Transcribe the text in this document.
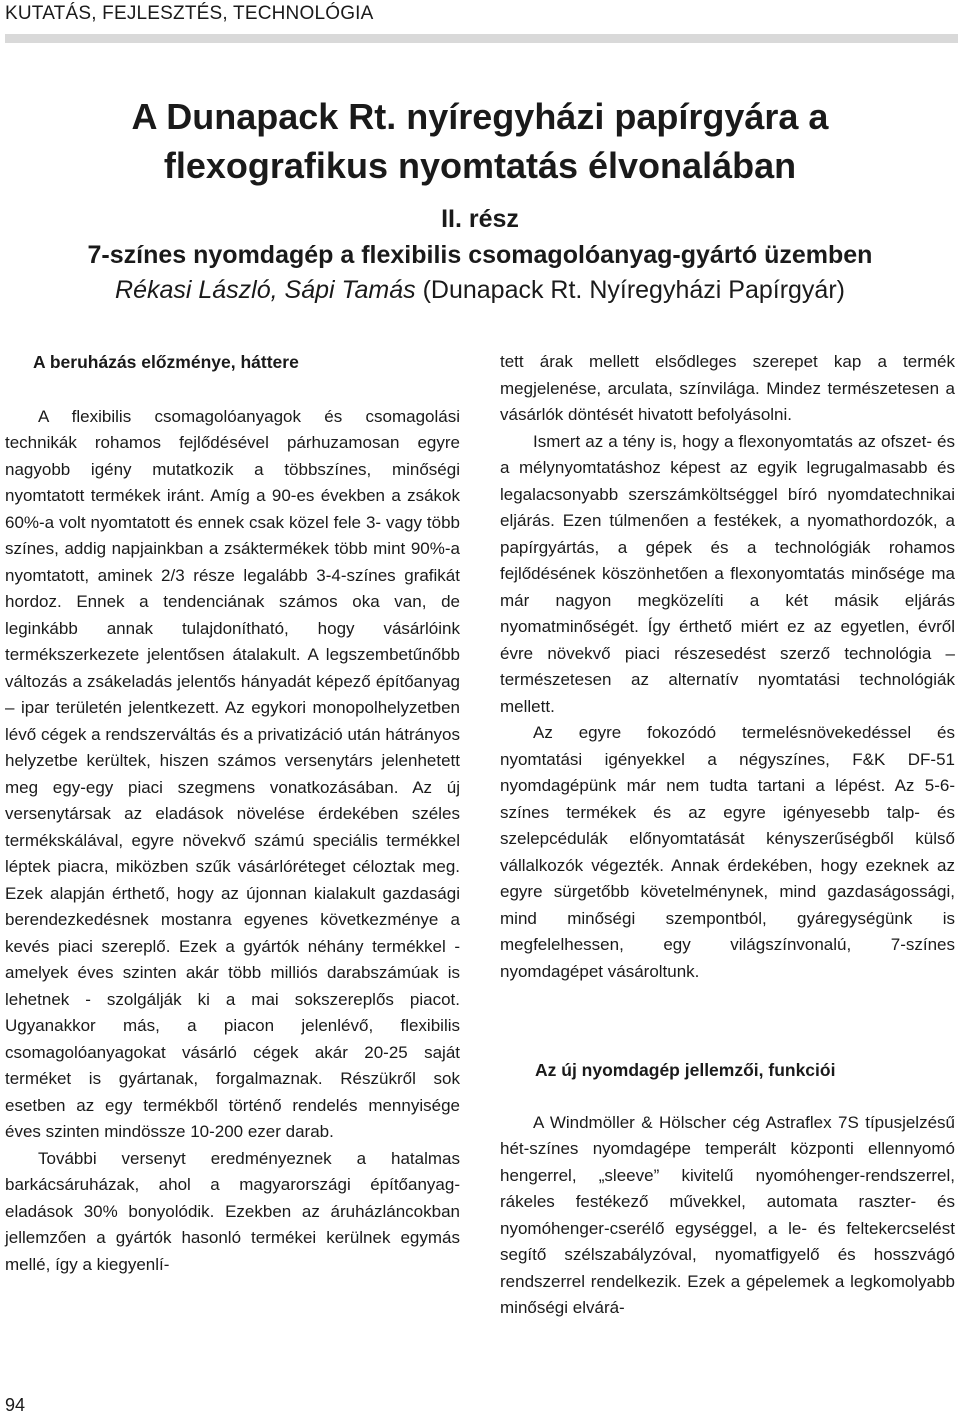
KUTATÁS, FEJLESZTÉS, TECHNOLÓGIA

A Dunapack Rt. nyíregyházi papírgyára a

flexografikus nyomtatás élvonalában

II. rész

7-színes nyomdagép a flexibilis csomagolóanyag-gyártó üzemben

Rékasi László, Sápi Tamás (Dunapack Rt. Nyíregyházi Papírgyár)

A beruházás előzménye, háttere

A flexibilis csomagolóanyagok és csomagolási technikák rohamos fejlődésével párhuzamosan egyre nagyobb igény mutatkozik a többszínes, minőségi nyomtatott termékek iránt. Amíg a 90-es években a zsákok 60%-a volt nyomtatott és ennek csak közel fele 3- vagy több színes, addig napjainkban a zsáktermékek több mint 90%-a nyomtatott, aminek 2/3 része legalább 3-4-színes grafikát hordoz. Ennek a tendenciának számos oka van, de leginkább annak tulajdonítható, hogy vásárlóink termékszerkezete jelentősen átalakult. A legszembetűnőbb változás a zsákeladás jelentős hányadát képező építőanyag – ipar területén jelentkezett. Az egykori monopolhelyzetben lévő cégek a rendszerváltás és a privatizáció után hátrányos helyzetbe kerültek, hiszen számos versenytárs jelenhetett meg egy-egy piaci szegmens vonatkozásában. Az új versenytársak az eladások növelése érdekében széles termékskálával, egyre növekvő számú speciális termékkel léptek piacra, miközben szűk vásárlóréteget céloztak meg. Ezek alapján érthető, hogy az újonnan kialakult gazdasági berendezkedésnek mostanra egyenes következménye a kevés piaci szereplő. Ezek a gyártók néhány termékkel - amelyek éves szinten akár több milliós darabszámúak is lehetnek - szolgálják ki a mai sokszereplős piacot. Ugyanakkor más, a piacon jelenlévő, flexibilis csomagolóanyagokat vásárló cégek akár 20-25 saját terméket is gyártanak, forgalmaznak. Részükről sok esetben az egy termékből történő rendelés mennyisége éves szinten mindössze 10-200 ezer darab.

További versenyt eredményeznek a hatalmas barkácsáruházak, ahol a magyarországi építőanyag-eladások 30% bonyolódik. Ezekben az áruházláncokban jellemzően a gyártók hasonló termékei kerülnek egymás mellé, így a kiegyenlí-

tett árak mellett elsődleges szerepet kap a termék megjelenése, arculata, színvilága. Mindez természetesen a vásárlók döntését hivatott befolyásolni.

Ismert az a tény is, hogy a flexonyomtatás az ofszet- és a mélynyomtatáshoz képest az egyik legrugalmasabb és legalacsonyabb szerszámköltséggel bíró nyomdatechnikai eljárás. Ezen túlmenően a festékek, a nyomathordozók, a papírgyártás, a gépek és a technológiák rohamos fejlődésének köszönhetően a flexonyomtatás minősége ma már nagyon megközelíti a két másik eljárás nyomatminőségét. Így érthető miért ez az egyetlen, évről évre növekvő piaci részesedést szerző technológia – természetesen az alternatív nyomtatási technológiák mellett.

Az egyre fokozódó termelésnövekedéssel és nyomtatási igényekkel a négyszínes, F&K DF-51 nyomdagépünk már nem tudta tartani a lépést. Az 5-6-színes termékek és az egyre igényesebb talp- és szelepcédulák előnyomtatását kényszerűségből külső vállalkozók végezték. Annak érdekében, hogy ezeknek az egyre sürgetőbb követelménynek, mind gazdaságossági, mind minőségi szempontból, gyáregységünk is megfelelhessen, egy világszínvonalú, 7-színes nyomdagépet vásároltunk.

Az új nyomdagép jellemzői, funkciói

A Windmöller & Hölscher cég Astraflex 7S típusjelzésű hét-színes nyomdagépe temperált központi ellennyomó hengerrel, „sleeve” kivitelű nyomóhenger-rendszerrel, rákeles festékező művekkel, automata raszter- és nyomóhenger-cserélő egységgel, a le- és feltekercselést segítő szélszabályzóval, nyomatfigyelő és hosszvágó rendszerrel rendelkezik. Ezek a gépelemek a legkomolyabb minőségi elvárá-

94
